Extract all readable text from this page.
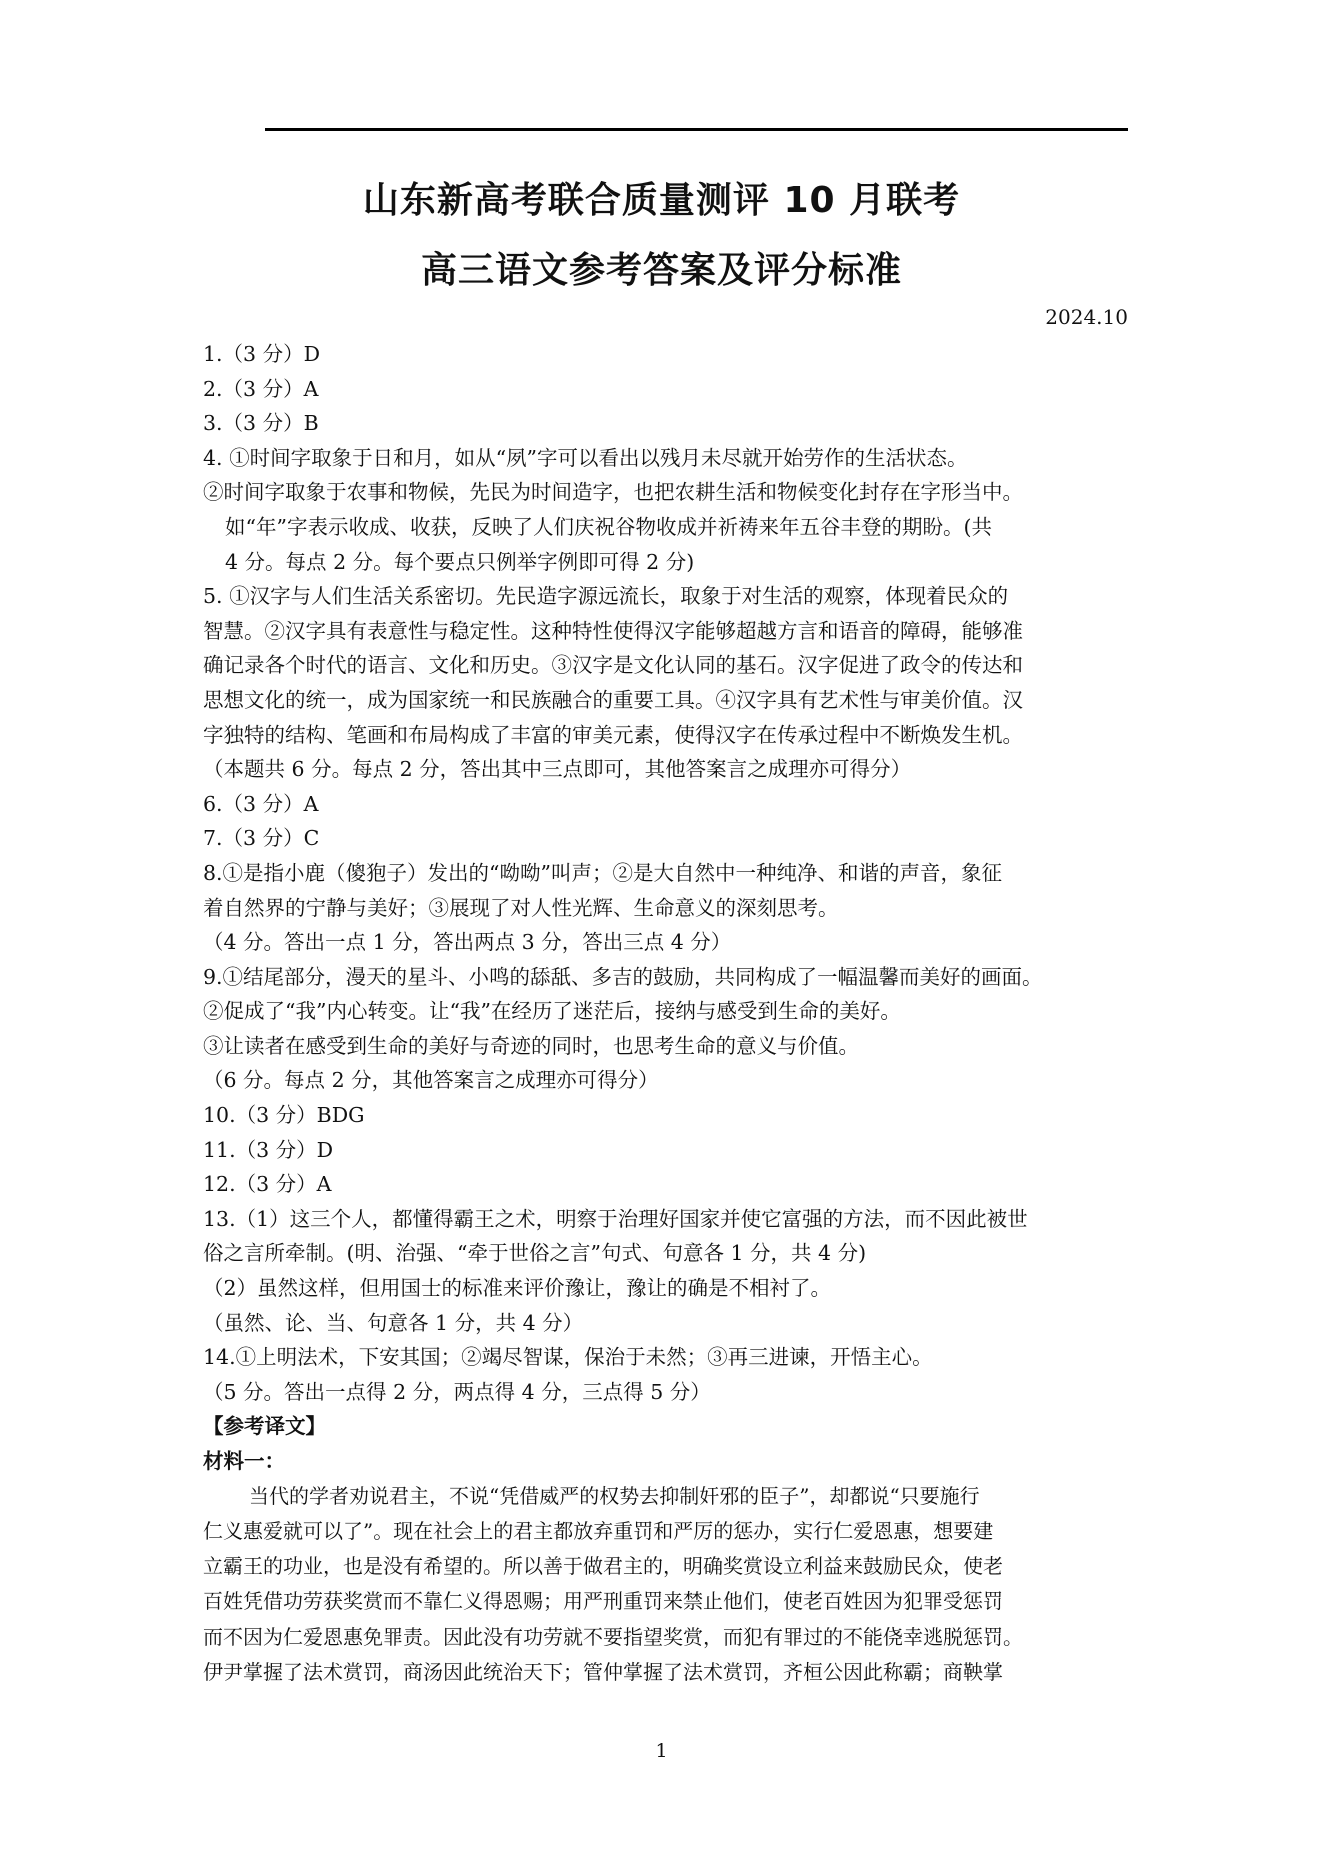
山东新高考联合质量测评 10 月联考
高三语文参考答案及评分标准
2024.10
1.（3 分）D
2.（3 分）A
3.（3 分）B
4. ①时间字取象于日和月，如从“夙”字可以看出以残月未尽就开始劳作的生活状态。
②时间字取象于农事和物候，先民为时间造字，也把农耕生活和物候变化封存在字形当中。
如“年”字表示收成、收获，反映了人们庆祝谷物收成并祈祷来年五谷丰登的期盼。(共
4 分。每点 2 分。每个要点只例举字例即可得 2 分)
5. ①汉字与人们生活关系密切。先民造字源远流长，取象于对生活的观察，体现着民众的
智慧。②汉字具有表意性与稳定性。这种特性使得汉字能够超越方言和语音的障碍，能够准
确记录各个时代的语言、文化和历史。③汉字是文化认同的基石。汉字促进了政令的传达和
思想文化的统一，成为国家统一和民族融合的重要工具。④汉字具有艺术性与审美价值。汉
字独特的结构、笔画和布局构成了丰富的审美元素，使得汉字在传承过程中不断焕发生机。
（本题共 6 分。每点 2 分，答出其中三点即可，其他答案言之成理亦可得分）
6.（3 分）A
7.（3 分）C
8.①是指小鹿（傻狍子）发出的“呦呦”叫声；②是大自然中一种纯净、和谐的声音，象征
着自然界的宁静与美好；③展现了对人性光辉、生命意义的深刻思考。
（4 分。答出一点 1 分，答出两点 3 分，答出三点 4 分）
9.①结尾部分，漫天的星斗、小鸣的舔舐、多吉的鼓励，共同构成了一幅温馨而美好的画面。
②促成了“我”内心转变。让“我”在经历了迷茫后，接纳与感受到生命的美好。
③让读者在感受到生命的美好与奇迹的同时，也思考生命的意义与价值。
（6 分。每点 2 分，其他答案言之成理亦可得分）
10.（3 分）BDG
11.（3 分）D
12.（3 分）A
13.（1）这三个人，都懂得霸王之术，明察于治理好国家并使它富强的方法，而不因此被世
俗之言所牵制。(明、治强、“牵于世俗之言”句式、句意各 1 分，共 4 分)
（2）虽然这样，但用国士的标准来评价豫让，豫让的确是不相衬了。
（虽然、论、当、句意各 1 分，共 4 分）
14.①上明法术，下安其国；②竭尽智谋，保治于未然；③再三进谏，开悟主心。
（5 分。答出一点得 2 分，两点得 4 分，三点得 5 分）
【参考译文】
材料一：
当代的学者劝说君主，不说“凭借威严的权势去抑制奸邪的臣子”，却都说“只要施行
仁义惠爱就可以了”。现在社会上的君主都放弃重罚和严厉的惩办，实行仁爱恩惠，想要建
立霸王的功业，也是没有希望的。所以善于做君主的，明确奖赏设立利益来鼓励民众，使老
百姓凭借功劳获奖赏而不靠仁义得恩赐；用严刑重罚来禁止他们，使老百姓因为犯罪受惩罚
而不因为仁爱恩惠免罪责。因此没有功劳就不要指望奖赏，而犯有罪过的不能侥幸逃脱惩罚。
伊尹掌握了法术赏罚，商汤因此统治天下；管仲掌握了法术赏罚，齐桓公因此称霸；商鞅掌
1
